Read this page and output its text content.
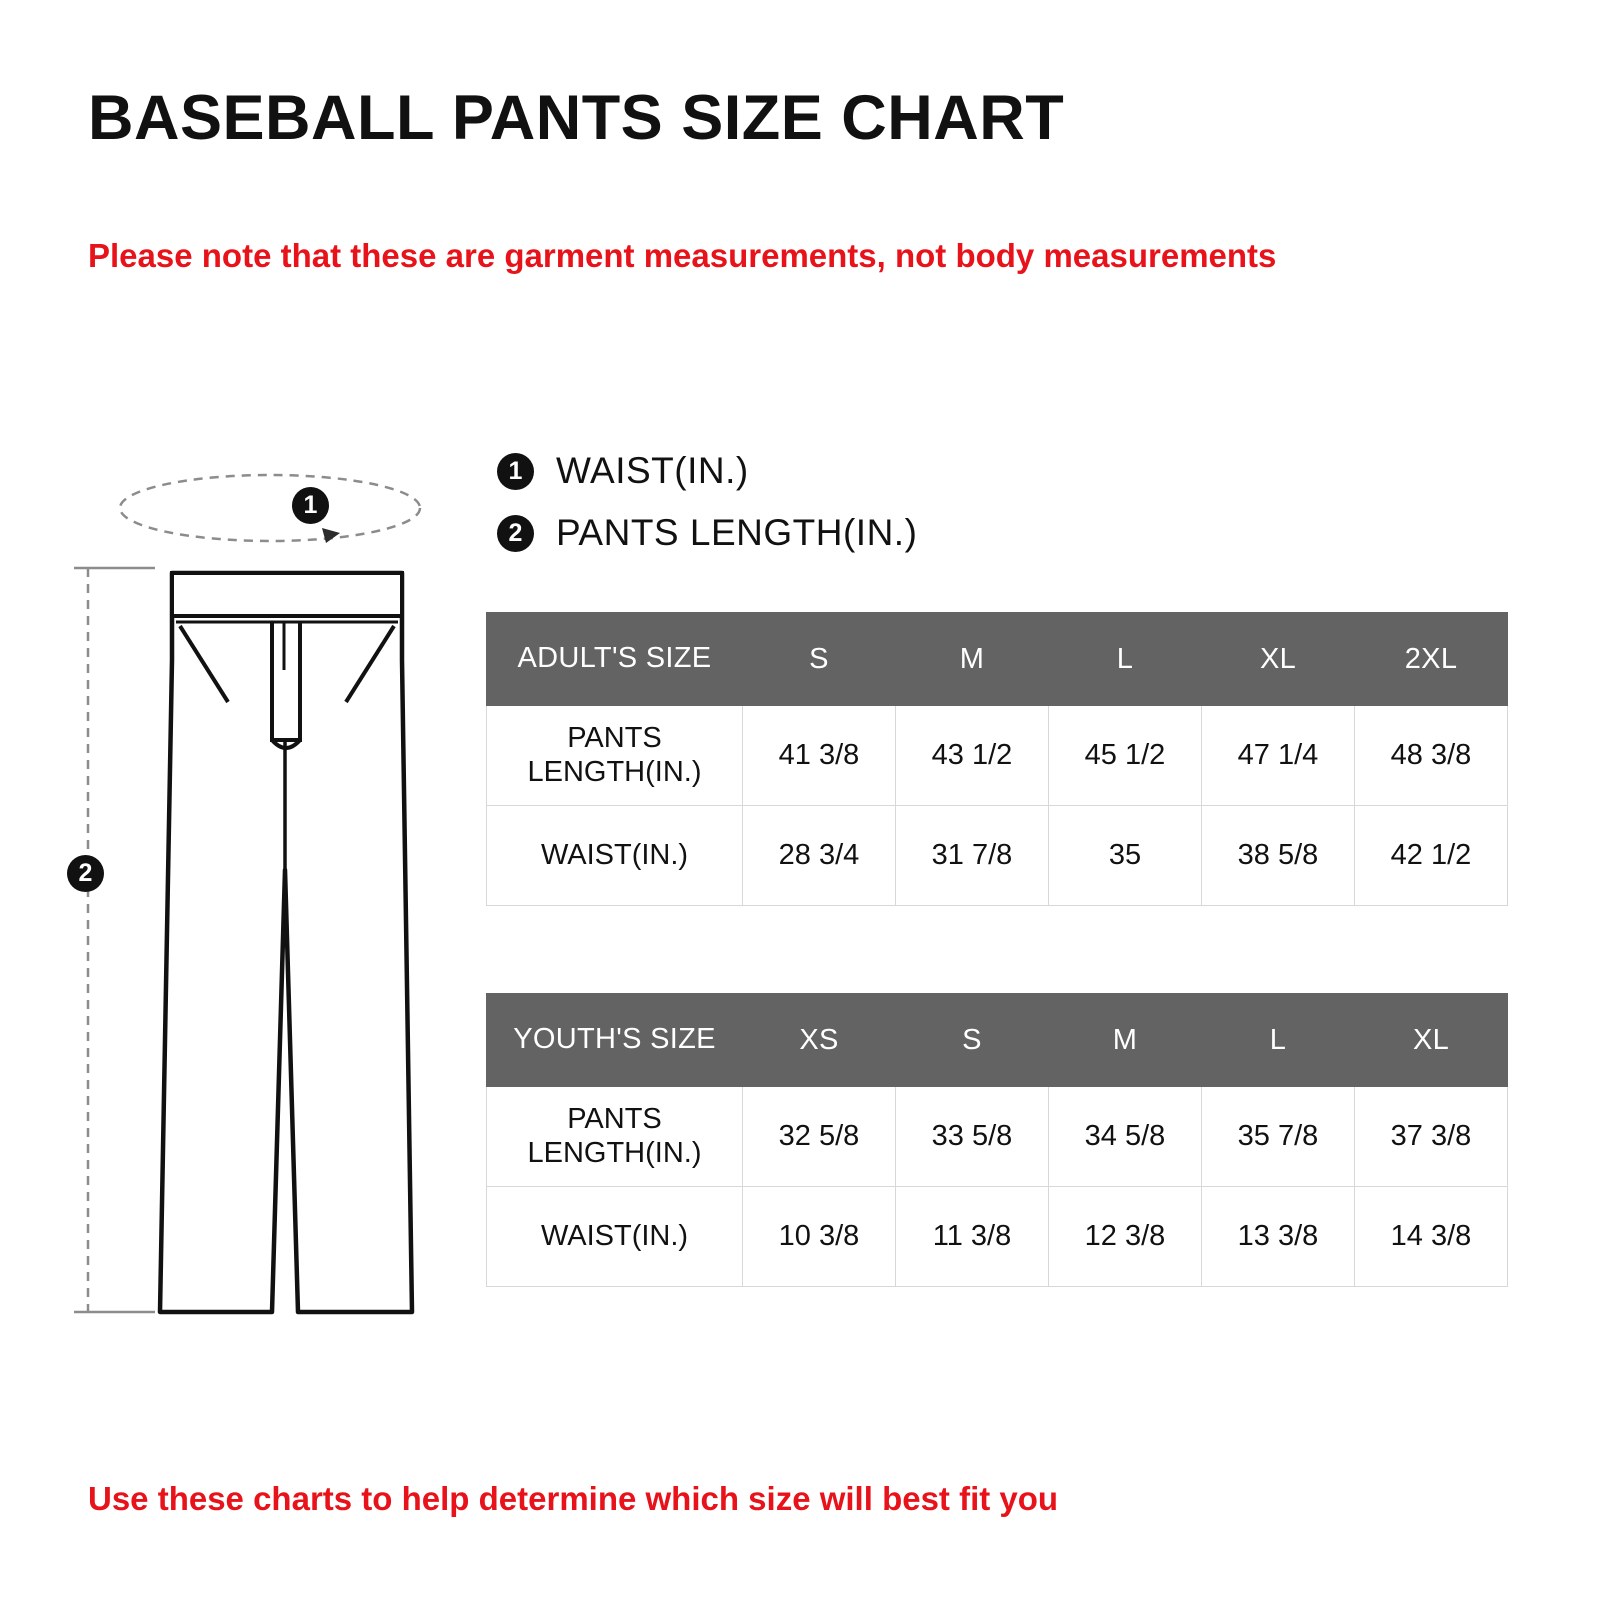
BASEBALL PANTS SIZE CHART
Please note that these are garment measurements, not body measurements
1
2
1 WAIST(IN.)
2 PANTS LENGTH(IN.)
ADULT'S SIZE	S	M	L	XL	2XL
PANTS LENGTH(IN.)	41 3/8	43 1/2	45 1/2	47 1/4	48 3/8
WAIST(IN.)	28 3/4	31 7/8	35	38 5/8	42 1/2
YOUTH'S SIZE	XS	S	M	L	XL
PANTS LENGTH(IN.)	32 5/8	33 5/8	34 5/8	35 7/8	37 3/8
WAIST(IN.)	10 3/8	11 3/8	12 3/8	13 3/8	14 3/8
Use these charts to help determine which size will best fit you
